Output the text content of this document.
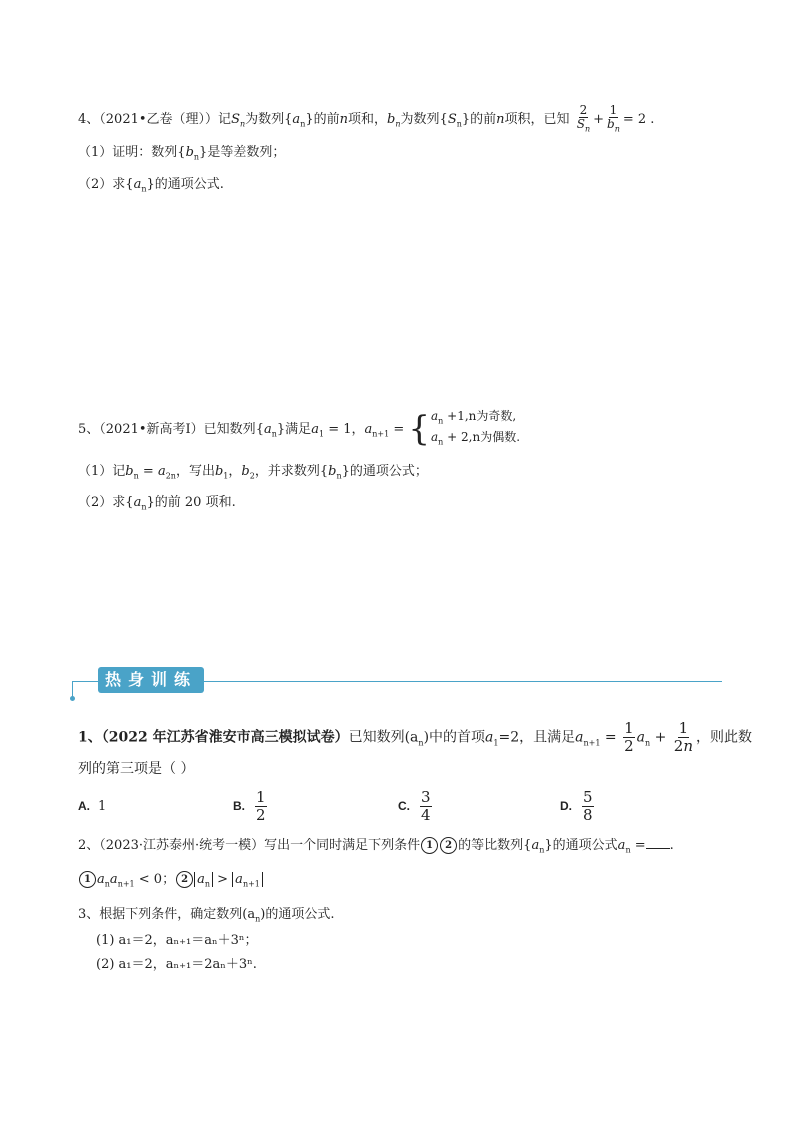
4、（2021•乙卷（理））记$S_n$为数列$\{a_n\}$的前n项和，$b_n$为数列$\{S_n\}$的前n项积，已知 $\frac{2}{S_n} + \frac{1}{b_n} = 2$ .
（1）证明：数列$\{b_n\}$是等差数列；
（2）求$\{a_n\}$的通项公式.
5、（2021•新高考Ⅰ）已知数列$\{a_n\}$满足$a_1 = 1$，$a_{n+1}$ = { $a_n +1,n$为奇数,
$a_n + 2,n$为偶数.
（1）记$b_n = a_{2n}$，写出$b_1$，$b_2$，并求数列$\{b_n\}$的通项公式；
（2）求$\{a_n\}$的前 20 项和.
热身训练
1、（2022 年江苏省淮安市高三模拟试卷）已知数列$(a_n)$中的首项$a_1=2$，且满足$a_{n+1} = \frac{1}{2} a_n + \frac{1}{2n}$ ，则此数
列的第三项是（ ）
A. 1	B. $\frac{1}{2}$	C. $\frac{3}{4}$	D. $\frac{5}{8}$
2、（2023·江苏泰州·统考一模）写出一个同时满足下列条件 1 2 的等比数列$\{a_n\}$的通项公式$a_n$ = .
1 $a_na_{n+1} < 0$； 2 $a_n > a_{n+1}$
3、根据下列条件，确定数列$(a_n)$的通项公式.
(1) a₁＝2，aₙ₊₁＝aₙ＋3ⁿ；
(2) a₁＝2，aₙ₊₁＝2aₙ＋3ⁿ.
